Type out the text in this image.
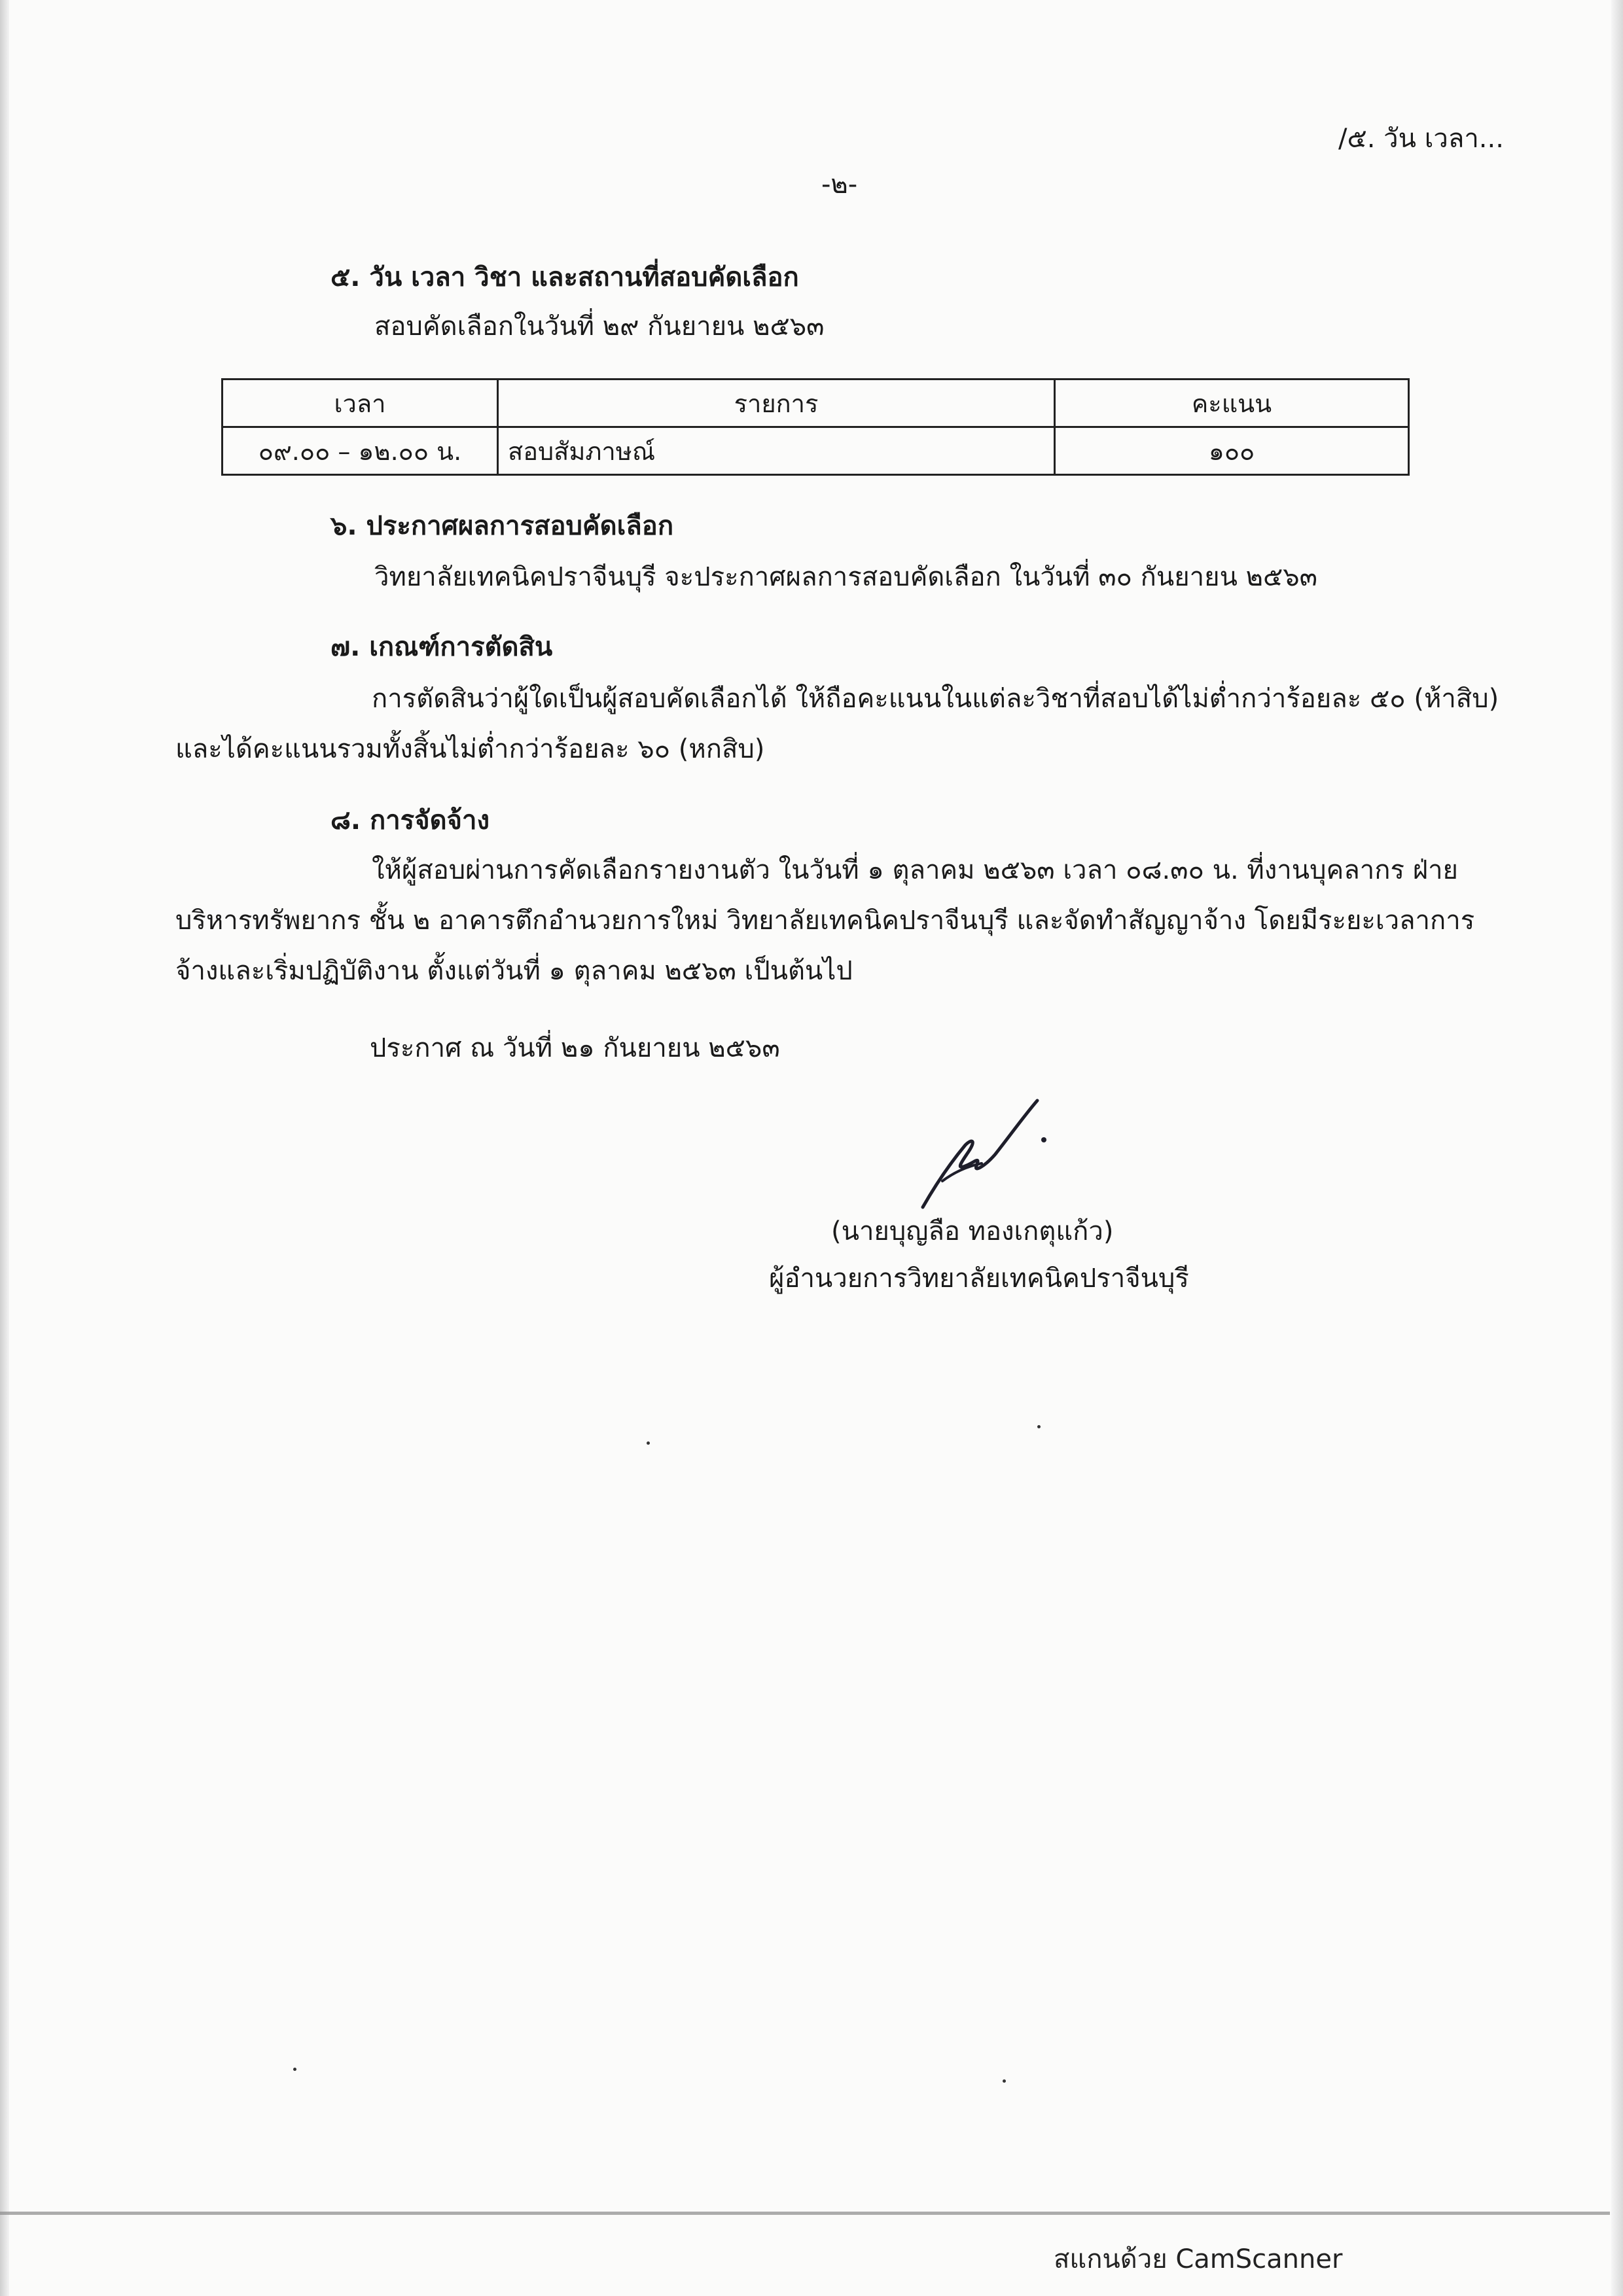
/๕. วัน เวลา...
-๒-
๕. วัน เวลา วิชา และสถานที่สอบคัดเลือก
สอบคัดเลือกในวันที่ ๒๙ กันยายน ๒๕๖๓
เวลา	รายการ	คะแนน
๐๙.๐๐ – ๑๒.๐๐ น.	สอบสัมภาษณ์	๑๐๐
๖. ประกาศผลการสอบคัดเลือก
วิทยาลัยเทคนิคปราจีนบุรี จะประกาศผลการสอบคัดเลือก ในวันที่ ๓๐ กันยายน ๒๕๖๓
๗. เกณฑ์การตัดสิน
การตัดสินว่าผู้ใดเป็นผู้สอบคัดเลือกได้ ให้ถือคะแนนในแต่ละวิชาที่สอบได้ไม่ต่ำกว่าร้อยละ ๕๐ (ห้าสิบ) และได้คะแนนรวมทั้งสิ้นไม่ต่ำกว่าร้อยละ ๖๐ (หกสิบ)
๘. การจัดจ้าง
ให้ผู้สอบผ่านการคัดเลือกรายงานตัว ในวันที่ ๑ ตุลาคม ๒๕๖๓ เวลา ๐๘.๓๐ น. ที่งานบุคลากร ฝ่ายบริหารทรัพยากร ชั้น ๒ อาคารตึกอำนวยการใหม่ วิทยาลัยเทคนิคปราจีนบุรี และจัดทำสัญญาจ้าง โดยมีระยะเวลาการจ้างและเริ่มปฏิบัติงาน ตั้งแต่วันที่ ๑ ตุลาคม ๒๕๖๓ เป็นต้นไป
ประกาศ ณ วันที่ ๒๑ กันยายน ๒๕๖๓
(นายบุญลือ ทองเกตุแก้ว)
ผู้อำนวยการวิทยาลัยเทคนิคปราจีนบุรี
สแกนด้วย CamScanner
